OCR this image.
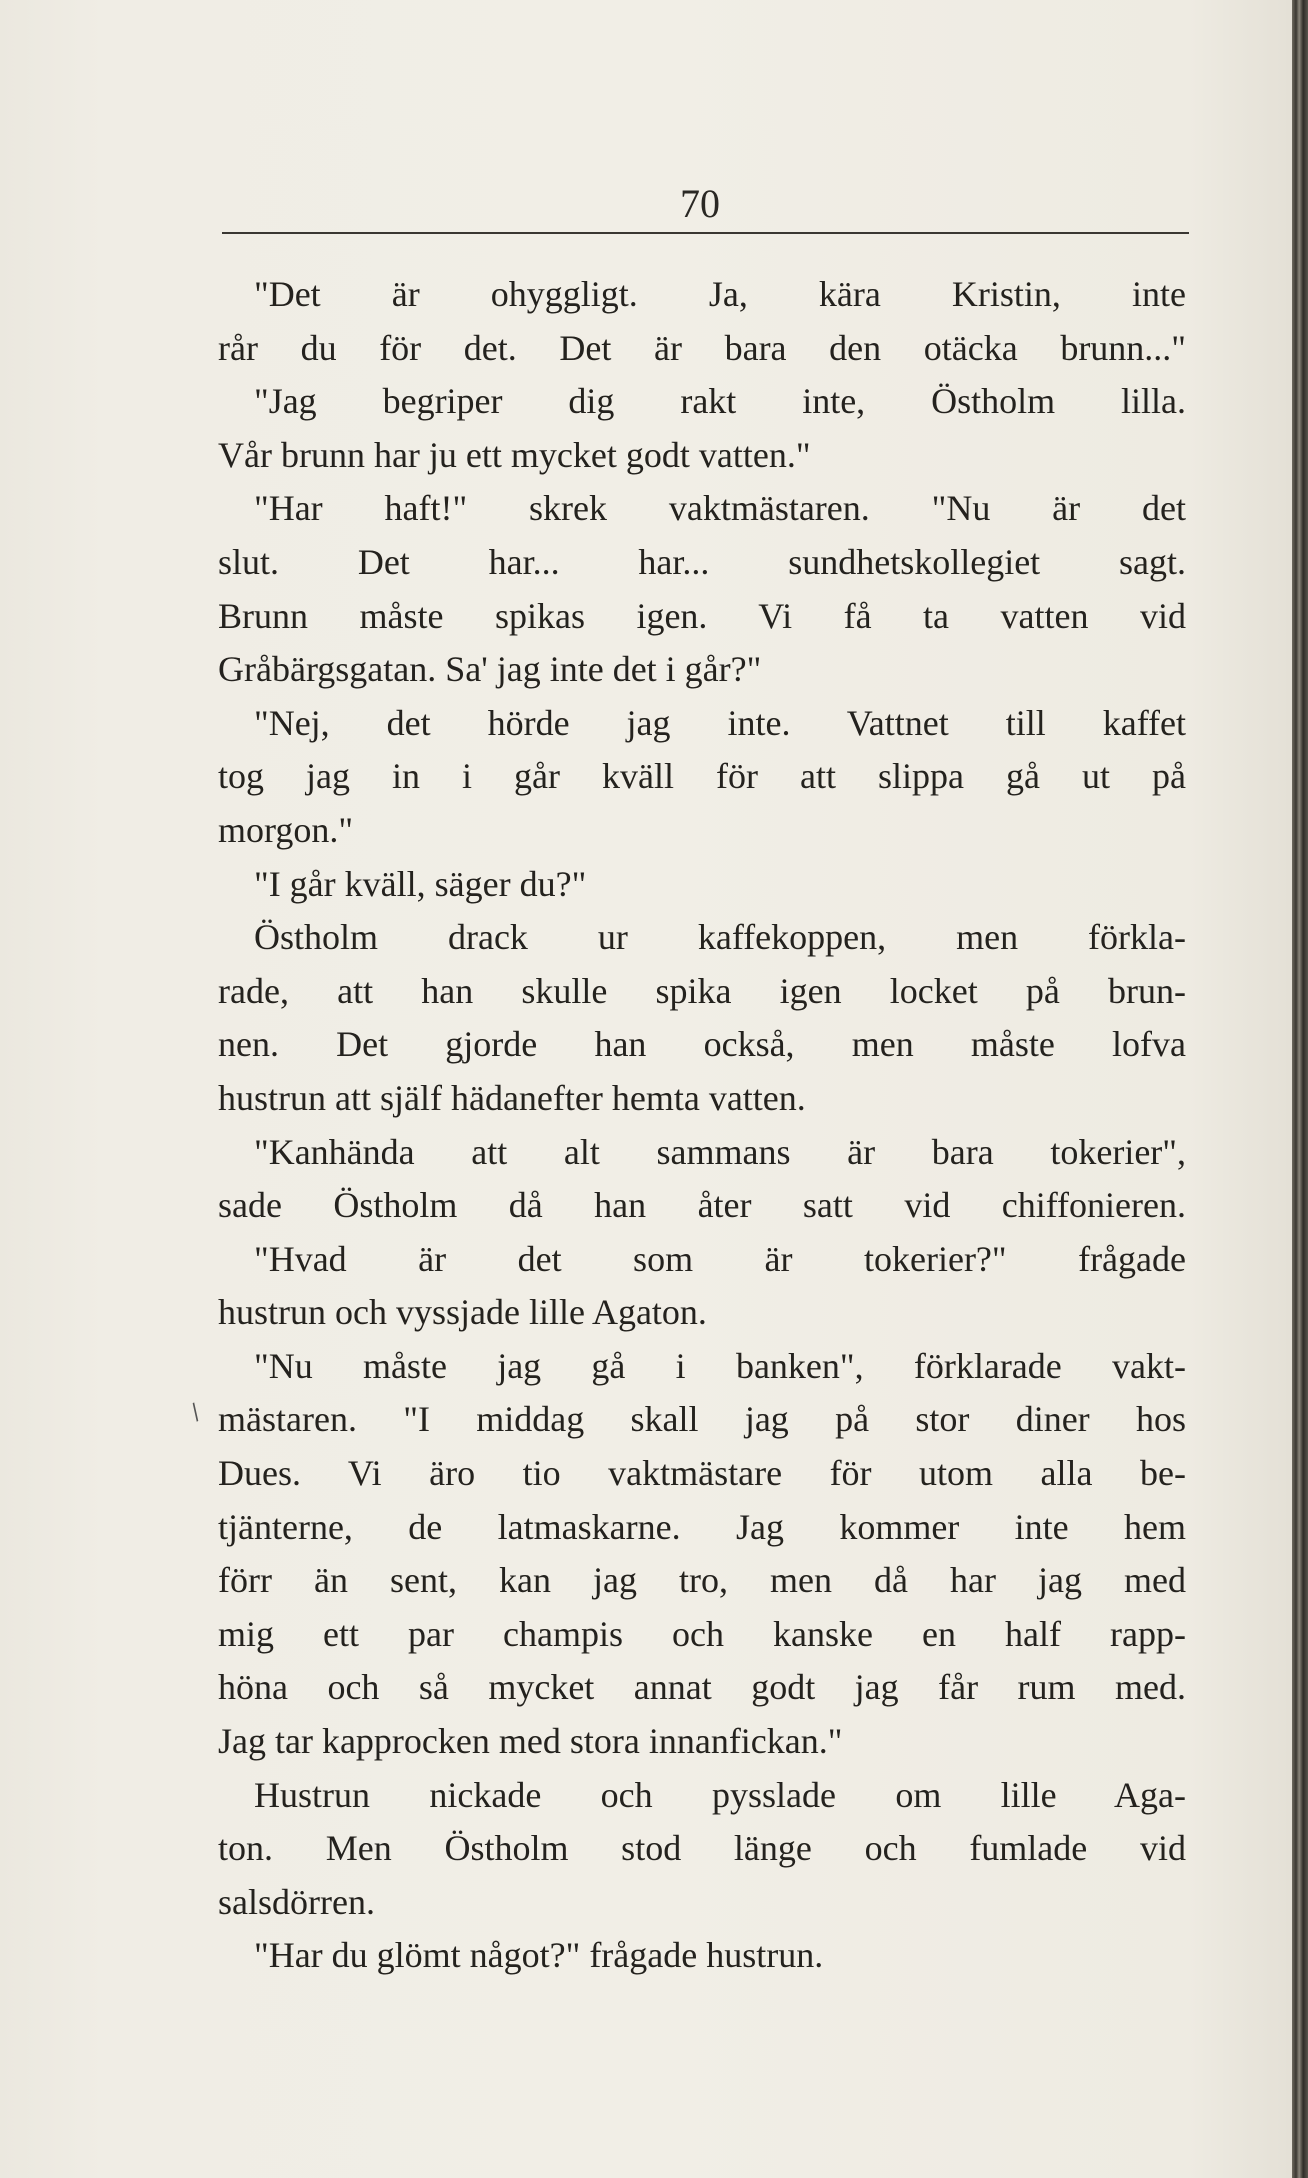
70
"Det är ohyggligt. Ja, kära Kristin, inte
rår du för det. Det är bara den otäcka brunn..."
"Jag begriper dig rakt inte, Östholm lilla.
Vår brunn har ju ett mycket godt vatten."
"Har haft!" skrek vaktmästaren. "Nu är det
slut. Det har... har... sundhetskollegiet sagt.
Brunn måste spikas igen. Vi få ta vatten vid
Gråbärgsgatan. Sa' jag inte det i går?"
"Nej, det hörde jag inte. Vattnet till kaffet
tog jag in i går kväll för att slippa gå ut på
morgon."
"I går kväll, säger du?"
Östholm drack ur kaffekoppen, men förkla-
rade, att han skulle spika igen locket på brun-
nen. Det gjorde han också, men måste lofva
hustrun att själf hädanefter hemta vatten.
"Kanhända att alt sammans är bara tokerier",
sade Östholm då han åter satt vid chiffonieren.
"Hvad är det som är tokerier?" frågade
hustrun och vyssjade lille Agaton.
"Nu måste jag gå i banken", förklarade vakt-
mästaren. "I middag skall jag på stor diner hos
Dues. Vi äro tio vaktmästare för utom alla be-
tjänterne, de latmaskarne. Jag kommer inte hem
förr än sent, kan jag tro, men då har jag med
mig ett par champis och kanske en half rapp-
höna och så mycket annat godt jag får rum med.
Jag tar kapprocken med stora innanfickan."
Hustrun nickade och pysslade om lille Aga-
ton. Men Östholm stod länge och fumlade vid
salsdörren.
"Har du glömt något?" frågade hustrun.
/
